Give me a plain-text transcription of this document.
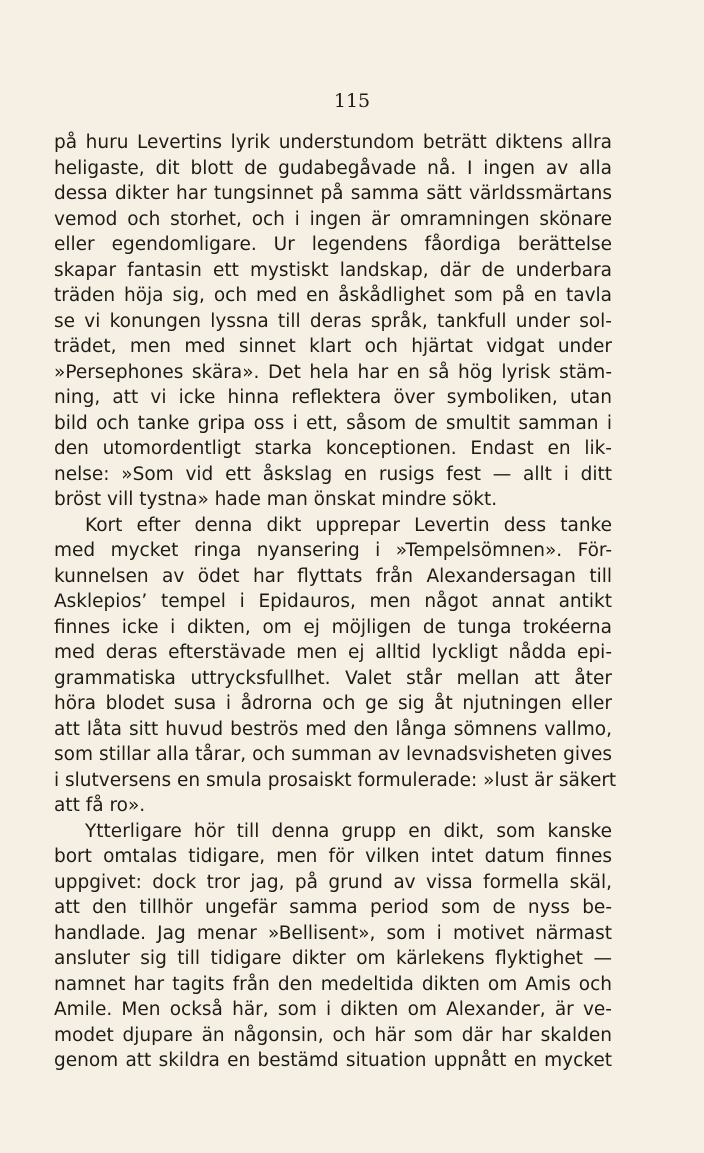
115
på huru Levertins lyrik understundom beträtt diktens allra
heligaste, dit blott de gudabegåvade nå. I ingen av alla
dessa dikter har tungsinnet på samma sätt världssmärtans
vemod och storhet, och i ingen är omramningen skönare
eller egendomligare. Ur legendens fåordiga berättelse
skapar fantasin ett mystiskt landskap, där de underbara
träden höja sig, och med en åskådlighet som på en tavla
se vi konungen lyssna till deras språk, tankfull under sol-
trädet, men med sinnet klart och hjärtat vidgat under
»Persephones skära». Det hela har en så hög lyrisk stäm-
ning, att vi icke hinna reflektera över symboliken, utan
bild och tanke gripa oss i ett, såsom de smultit samman i
den utomordentligt starka konceptionen. Endast en lik-
nelse: »Som vid ett åskslag en rusigs fest — allt i ditt
bröst vill tystna» hade man önskat mindre sökt.
Kort efter denna dikt upprepar Levertin dess tanke
med mycket ringa nyansering i »Tempelsömnen». För-
kunnelsen av ödet har flyttats från Alexandersagan till
Asklepios’ tempel i Epidauros, men något annat antikt
finnes icke i dikten, om ej möjligen de tunga trokéerna
med deras efterstävade men ej alltid lyckligt nådda epi-
grammatiska uttrycksfullhet. Valet står mellan att åter
höra blodet susa i ådrorna och ge sig åt njutningen eller
att låta sitt huvud beströs med den långa sömnens vallmo,
som stillar alla tårar, och summan av levnadsvisheten gives
i slutversens en smula prosaiskt formulerade: »lust är säkert
att få ro».
Ytterligare hör till denna grupp en dikt, som kanske
bort omtalas tidigare, men för vilken intet datum finnes
uppgivet: dock tror jag, på grund av vissa formella skäl,
att den tillhör ungefär samma period som de nyss be-
handlade. Jag menar »Bellisent», som i motivet närmast
ansluter sig till tidigare dikter om kärlekens flyktighet —
namnet har tagits från den medeltida dikten om Amis och
Amile. Men också här, som i dikten om Alexander, är ve-
modet djupare än någonsin, och här som där har skalden
genom att skildra en bestämd situation uppnått en mycket
